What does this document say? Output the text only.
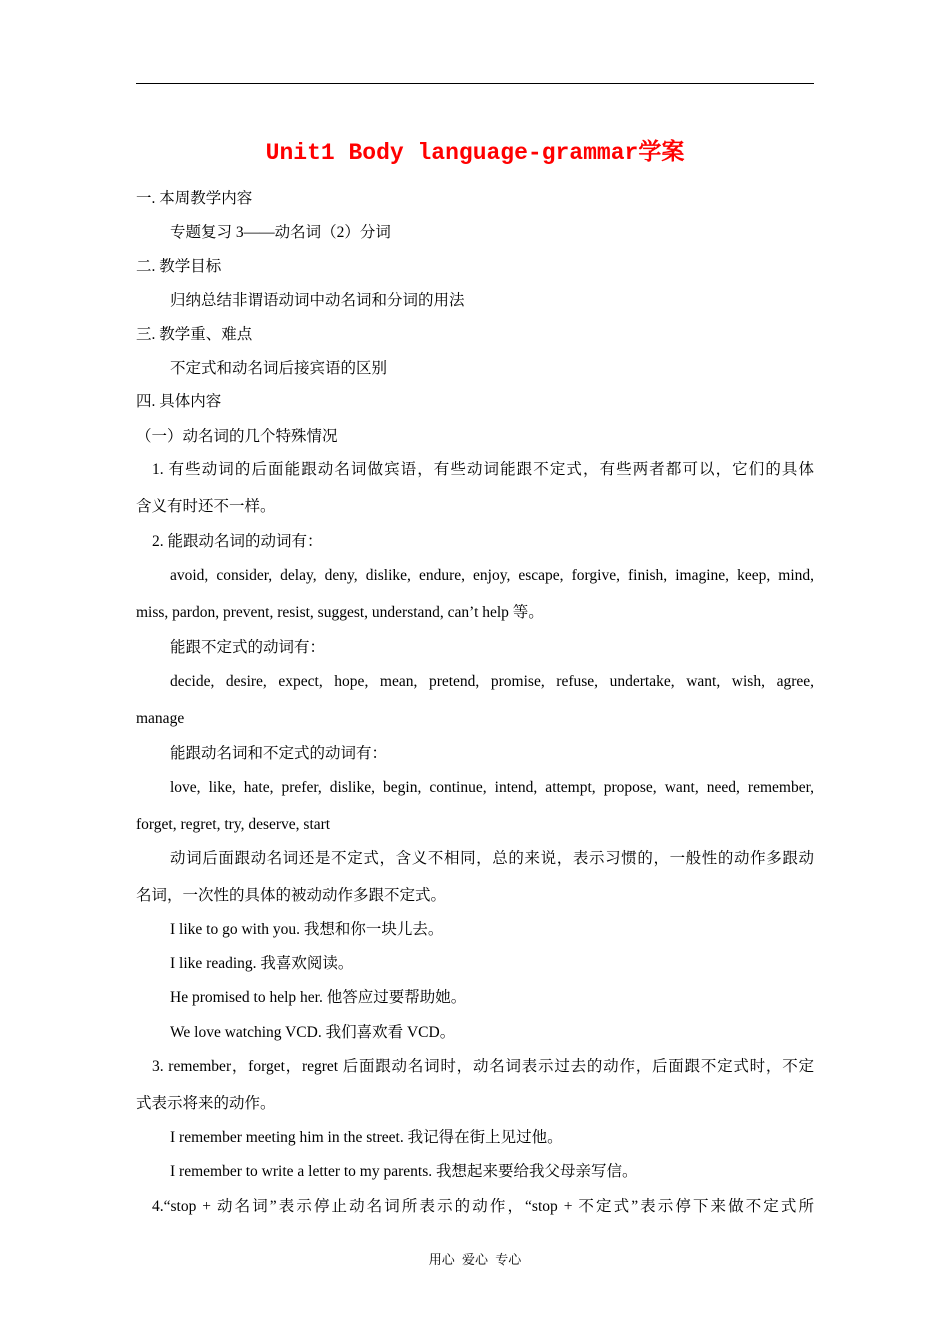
Unit1 Body language-grammar学案
一. 本周教学内容
专题复习 3——动名词（2）分词
二. 教学目标
归纳总结非谓语动词中动名词和分词的用法
三. 教学重、难点
不定式和动名词后接宾语的区别
四. 具体内容
（一）动名词的几个特殊情况
1. 有些动词的后面能跟动名词做宾语，有些动词能跟不定式，有些两者都可以，它们的具体
含义有时还不一样。
2. 能跟动名词的动词有：
avoid, consider, delay, deny, dislike, endure, enjoy, escape, forgive, finish, imagine, keep, mind,
miss, pardon, prevent, resist, suggest, understand, can’t help 等。
能跟不定式的动词有：
decide, desire, expect, hope, mean, pretend, promise, refuse, undertake, want, wish, agree,
manage
能跟动名词和不定式的动词有：
love, like, hate, prefer, dislike, begin, continue, intend, attempt, propose, want, need, remember,
forget, regret, try, deserve, start
动词后面跟动名词还是不定式，含义不相同，总的来说，表示习惯的，一般性的动作多跟动
名词，一次性的具体的被动动作多跟不定式。
I like to go with you. 我想和你一块儿去。
I like reading. 我喜欢阅读。
He promised to help her. 他答应过要帮助她。
We love watching VCD. 我们喜欢看 VCD。
3. remember，forget，regret 后面跟动名词时，动名词表示过去的动作，后面跟不定式时，不定
式表示将来的动作。
I remember meeting him in the street. 我记得在街上见过他。
I remember to write a letter to my parents. 我想起来要给我父母亲写信。
4.“stop + 动名词”表示停止动名词所表示的动作，“stop + 不定式”表示停下来做不定式所
用心 爱心 专心
